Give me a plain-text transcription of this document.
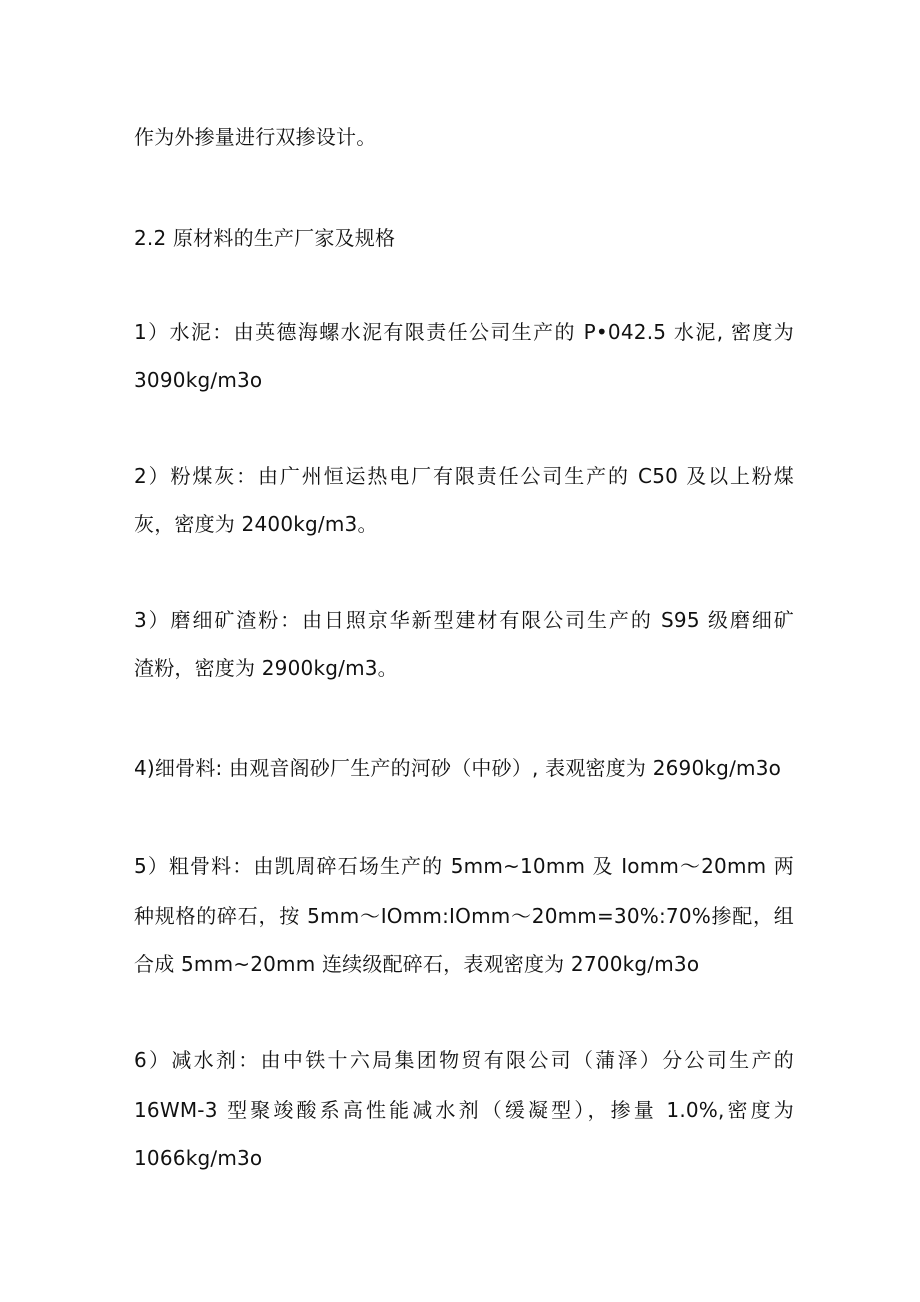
作为外掺量进行双掺设计。
2.2 原材料的生产厂家及规格
1）水泥：由英德海螺水泥有限责任公司生产的 P•042.5 水泥, 密度为
3090kg∕m3o
2）粉煤灰：由广州恒运热电厂有限责任公司生产的 C50 及以上粉煤
灰，密度为 2400kg/m3。
3）磨细矿渣粉：由日照京华新型建材有限公司生产的 S95 级磨细矿
渣粉，密度为 2900kg/m3。
4)细骨料: 由观音阁砂厂生产的河砂（中砂）, 表观密度为 2690kg∕m3o
5）粗骨料：由凯周碎石场生产的 5mm~10mm 及 Iomm～20mm 两
种规格的碎石，按 5mm～IOmm:IOmm～20mm=30%:70%掺配，组
合成 5mm~20mm 连续级配碎石，表观密度为 2700kg∕m3o
6）减水剂：由中铁十六局集团物贸有限公司（蒲泽）分公司生产的
16WM-3 型聚竣酸系高性能减水剂（缓凝型），掺量 1.0%,密度为
1066kg∕m3o
